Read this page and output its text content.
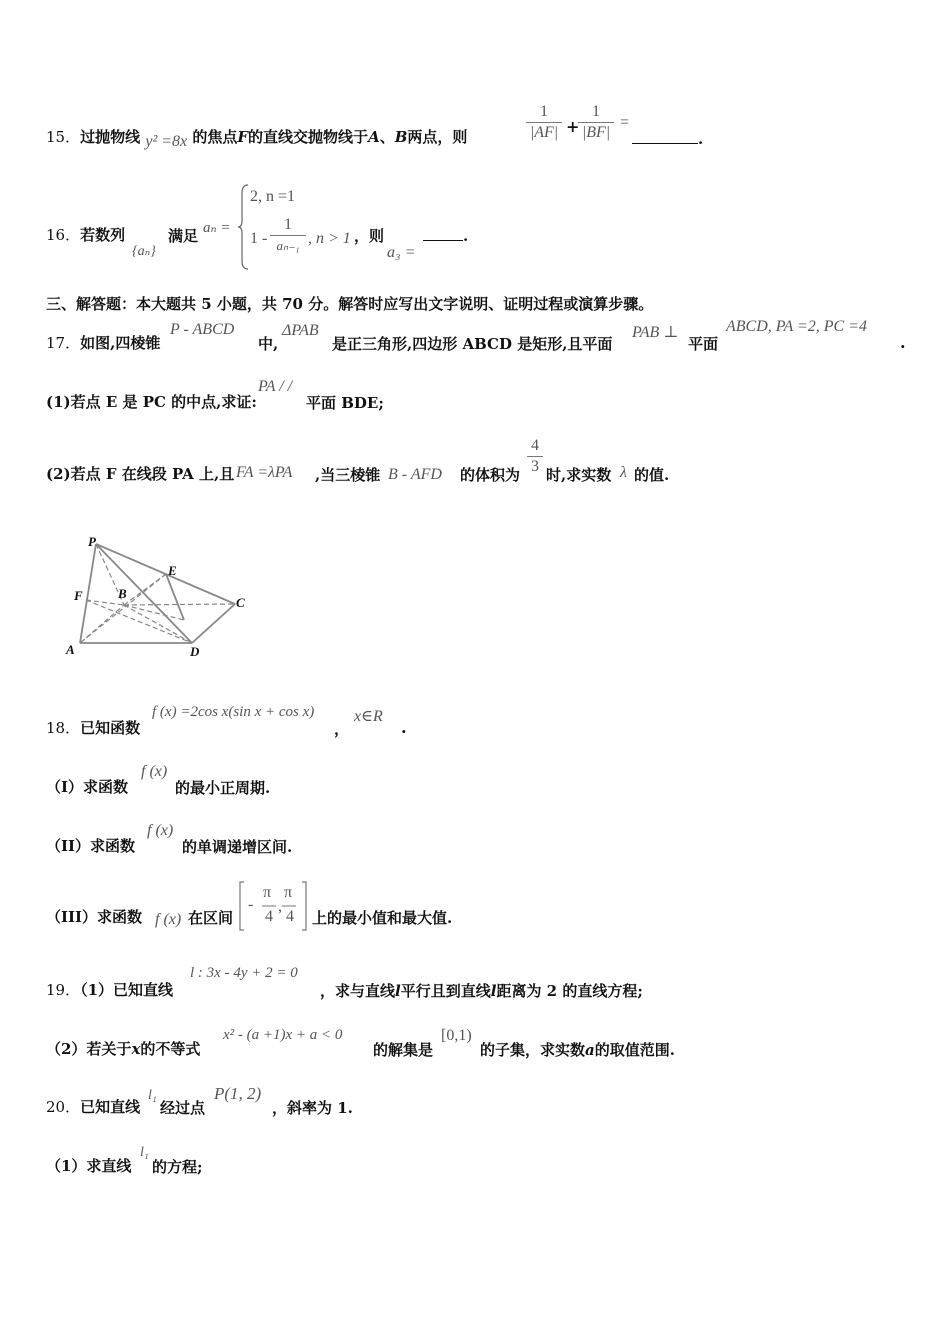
15．过抛物线 y² =8x 的焦点F的直线交抛物线于A、B两点，则
1
|AF| +
1
|BF|
=
.
16．若数列
{aₙ}
满足 aₙ =
2, n =1
1 -
1
aₙ₋₁ , n > 1 ，则
a₃ =
.
三、解答题：本大题共 5 小题，共 70 分。解答时应写出文字说明、证明过程或演算步骤。
17．如图,四棱锥
P - ABCD
中,
ΔPAB
是正三角形,四边形 ABCD 是矩形,且平面
PAB ⊥
平面
ABCD, PA =2, PC =4
.
(1)若点 E 是 PC 的中点,求证:
PA / /
平面 BDE;
(2)若点 F 在线段 PA 上,且 FA =λPA ,当三棱锥 B - AFD 的体积为
4
3 时,求实数 λ 的值.
P
E
F	B
C
A	D
18．已知函数
f (x) =2cos x(sin x + cos x)
，
x∈R
.
（I）求函数
f (x)
的最小正周期.
（II）求函数
f (x)
的单调递增区间.
（III）求函数 f (x) 在区间
-
π
4
,
π
4 上的最小值和最大值.
19．（1）已知直线
l : 3x - 4y + 2 = 0
，求与直线l平行且到直线l距离为 2 的直线方程;
（2）若关于x的不等式
x² - (a +1)x + a < 0
的解集是
[0,1)
的子集，求实数a的取值范围.
20．已知直线
l₁
经过点
P(1, 2)
，斜率为 1.
（1）求直线
l₁
的方程;
